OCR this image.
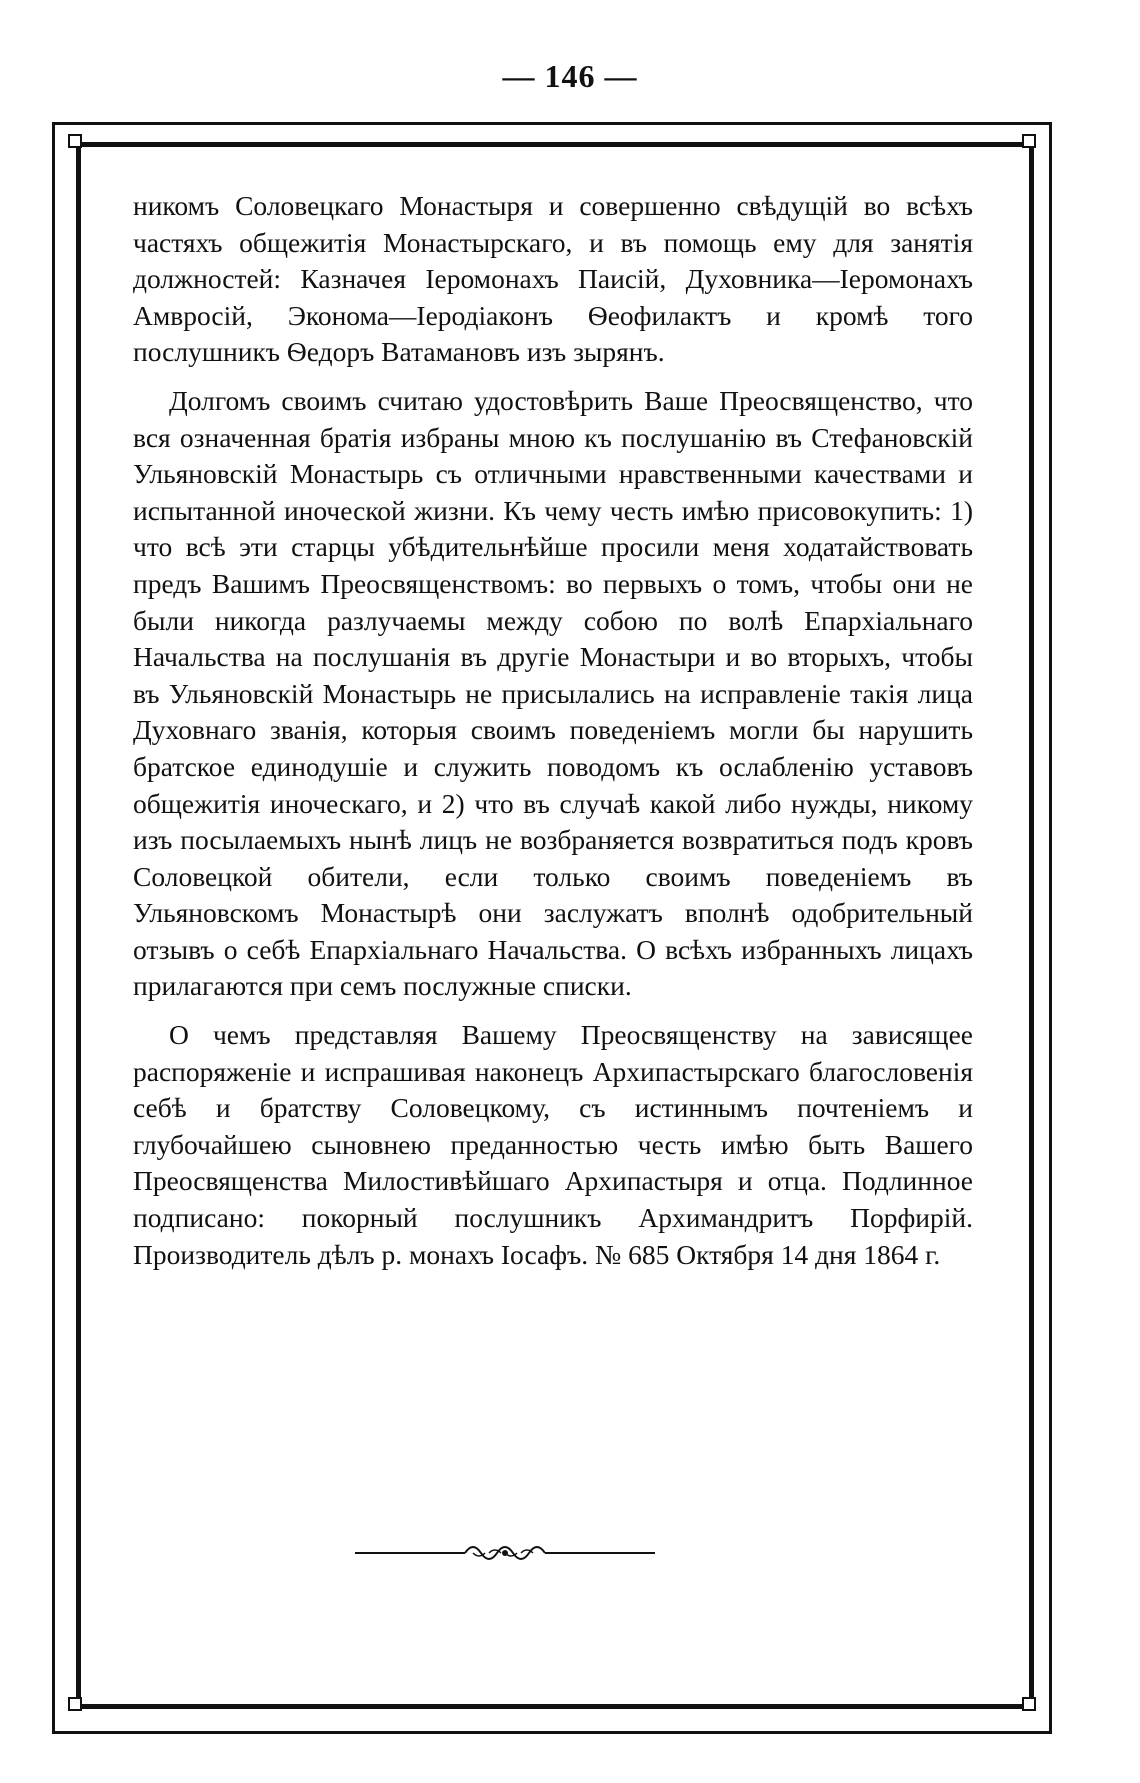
— 146 —

никомъ Соловецкаго Монастыря и совершенно свѣдущій во всѣхъ частяхъ общежитія Монастырскаго, и въ помощь ему для занятія должностей: Казначея Іеромонахъ Паисій, Духовника—Іеромонахъ Амвросій, Эконома—Іеродіаконъ Ѳеофилактъ и кромѣ того послушникъ Ѳедоръ Ватамановъ изъ зырянъ.

Долгомъ своимъ считаю удостовѣрить Ваше Преосвященство, что вся означенная братія избраны мною къ послушанію въ Стефановскій Ульяновскій Монастырь съ отличными нравственными качествами и испытанной иноческой жизни. Къ чему честь имѣю присовокупить: 1) что всѣ эти старцы убѣдительнѣйше просили меня ходатайствовать предъ Вашимъ Преосвященствомъ: во первыхъ о томъ, чтобы они не были никогда разлучаемы между собою по волѣ Епархіальнаго Начальства на послушанія въ другіе Монастыри и во вторыхъ, чтобы въ Ульяновскій Монастырь не присылались на исправленіе такія лица Духовнаго званія, которыя своимъ поведеніемъ могли бы нарушить братское единодушіе и служить поводомъ къ ослабленію уставовъ общежитія иноческаго, и 2) что въ случаѣ какой либо нужды, никому изъ посылаемыхъ нынѣ лицъ не возбраняется возвратиться подъ кровъ Соловецкой обители, если только своимъ поведеніемъ въ Ульяновскомъ Монастырѣ они заслужатъ вполнѣ одобрительный отзывъ о себѣ Епархіальнаго Начальства. О всѣхъ избранныхъ лицахъ прилагаются при семъ послужные списки.

О чемъ представляя Вашему Преосвященству на зависящее распоряженіе и испрашивая наконецъ Архипастырскаго благословенія себѣ и братству Соловецкому, съ истиннымъ почтеніемъ и глубочайшею сыновнею преданностью честь имѣю быть Вашего Преосвященства Милостивѣйшаго Архипастыря и отца. Подлинное подписано: покорный послушникъ Архимандритъ Порфирій. Производитель дѣлъ р. монахъ Іосафъ. № 685 Октября 14 дня 1864 г.
